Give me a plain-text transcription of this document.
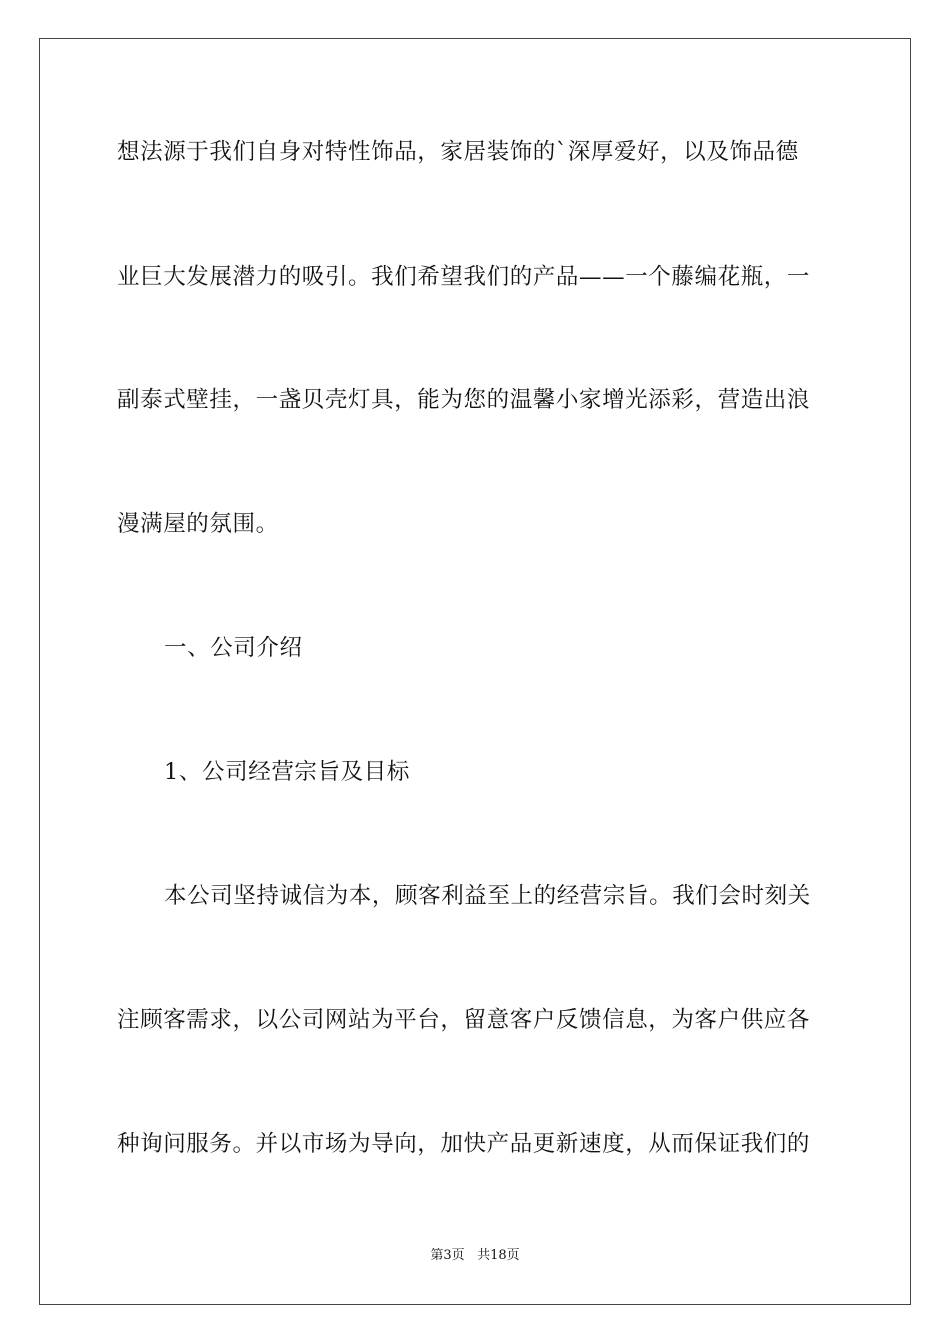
想法源于我们自身对特性饰品，家居装饰的`深厚爱好，以及饰品德
业巨大发展潜力的吸引。我们希望我们的产品——一个藤编花瓶，一
副泰式壁挂，一盏贝壳灯具，能为您的温馨小家增光添彩，营造出浪
漫满屋的氛围。
一、公司介绍
1、公司经营宗旨及目标
本公司坚持诚信为本，顾客利益至上的经营宗旨。我们会时刻关
注顾客需求，以公司网站为平台，留意客户反馈信息，为客户供应各
种询问服务。并以市场为导向，加快产品更新速度，从而保证我们的
第3页 共18页
